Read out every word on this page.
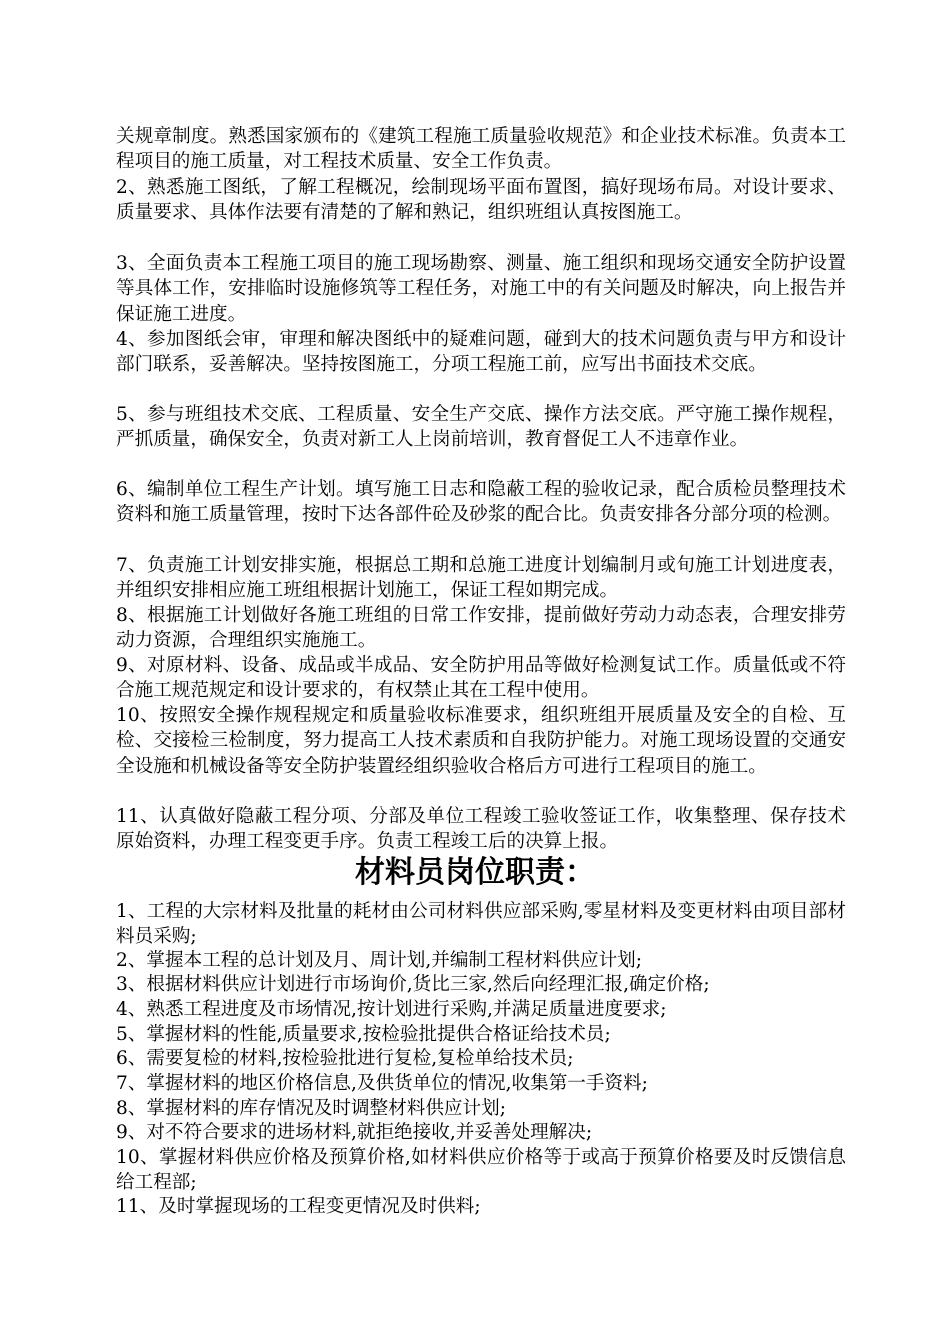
关规章制度。熟悉国家颁布的《建筑工程施工质量验收规范》和企业技术标准。负责本工程项目的施工质量，对工程技术质量、安全工作负责。

2、熟悉施工图纸，了解工程概况，绘制现场平面布置图，搞好现场布局。对设计要求、质量要求、具体作法要有清楚的了解和熟记，组织班组认真按图施工。

3、全面负责本工程施工项目的施工现场勘察、测量、施工组织和现场交通安全防护设置等具体工作，安排临时设施修筑等工程任务，对施工中的有关问题及时解决，向上报告并保证施工进度。

4、参加图纸会审，审理和解决图纸中的疑难问题，碰到大的技术问题负责与甲方和设计部门联系，妥善解决。坚持按图施工，分项工程施工前，应写出书面技术交底。

5、参与班组技术交底、工程质量、安全生产交底、操作方法交底。严守施工操作规程，严抓质量，确保安全，负责对新工人上岗前培训，教育督促工人不违章作业。

6、编制单位工程生产计划。填写施工日志和隐蔽工程的验收记录，配合质检员整理技术资料和施工质量管理，按时下达各部件砼及砂浆的配合比。负责安排各分部分项的检测。

7、负责施工计划安排实施，根据总工期和总施工进度计划编制月或旬施工计划进度表，并组织安排相应施工班组根据计划施工，保证工程如期完成。

8、根据施工计划做好各施工班组的日常工作安排，提前做好劳动力动态表，合理安排劳动力资源，合理组织实施施工。

9、对原材料、设备、成品或半成品、安全防护用品等做好检测复试工作。质量低或不符合施工规范规定和设计要求的，有权禁止其在工程中使用。

10、按照安全操作规程规定和质量验收标准要求，组织班组开展质量及安全的自检、互检、交接检三检制度，努力提高工人技术素质和自我防护能力。对施工现场设置的交通安全设施和机械设备等安全防护装置经组织验收合格后方可进行工程项目的施工。

11、认真做好隐蔽工程分项、分部及单位工程竣工验收签证工作，收集整理、保存技术原始资料，办理工程变更手序。负责工程竣工后的决算上报。

材料员岗位职责：

1、工程的大宗材料及批量的耗材由公司材料供应部采购,零星材料及变更材料由项目部材料员采购;

2、掌握本工程的总计划及月、周计划,并编制工程材料供应计划;

3、根据材料供应计划进行市场询价,货比三家,然后向经理汇报,确定价格;

4、熟悉工程进度及市场情况,按计划进行采购,并满足质量进度要求;

5、掌握材料的性能,质量要求,按检验批提供合格证给技术员;

6、需要复检的材料,按检验批进行复检,复检单给技术员;

7、掌握材料的地区价格信息,及供货单位的情况,收集第一手资料;

8、掌握材料的库存情况及时调整材料供应计划;

9、对不符合要求的进场材料,就拒绝接收,并妥善处理解决;

10、掌握材料供应价格及预算价格,如材料供应价格等于或高于预算价格要及时反馈信息给工程部;

11、及时掌握现场的工程变更情况及时供料;
